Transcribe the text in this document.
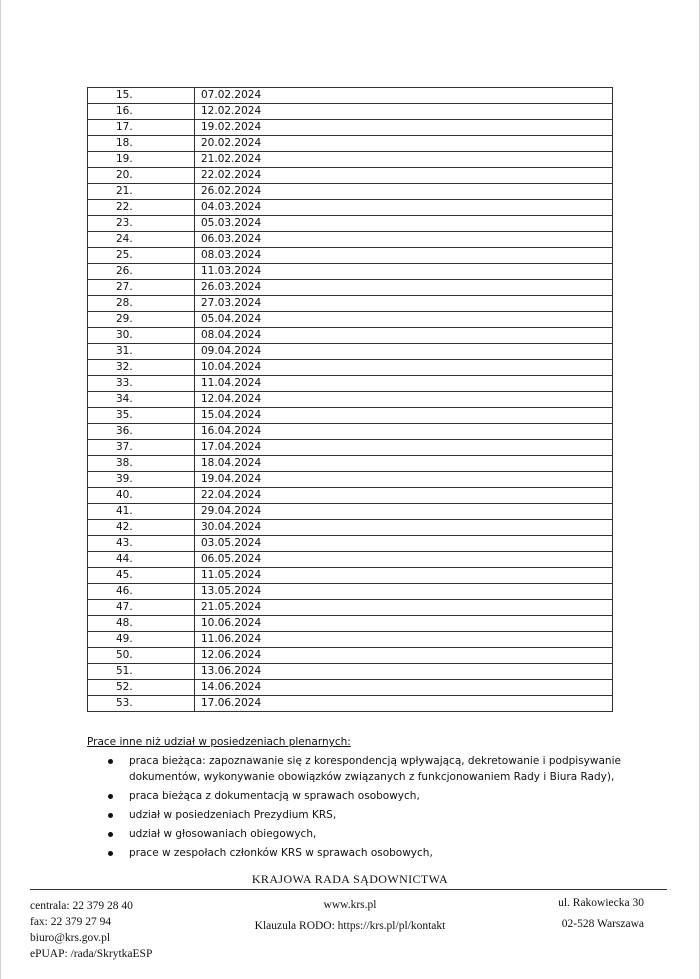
15.	07.02.2024
16.	12.02.2024
17.	19.02.2024
18.	20.02.2024
19.	21.02.2024
20.	22.02.2024
21.	26.02.2024
22.	04.03.2024
23.	05.03.2024
24.	06.03.2024
25.	08.03.2024
26.	11.03.2024
27.	26.03.2024
28.	27.03.2024
29.	05.04.2024
30.	08.04.2024
31.	09.04.2024
32.	10.04.2024
33.	11.04.2024
34.	12.04.2024
35.	15.04.2024
36.	16.04.2024
37.	17.04.2024
38.	18.04.2024
39.	19.04.2024
40.	22.04.2024
41.	29.04.2024
42.	30.04.2024
43.	03.05.2024
44.	06.05.2024
45.	11.05.2024
46.	13.05.2024
47.	21.05.2024
48.	10.06.2024
49.	11.06.2024
50.	12.06.2024
51.	13.06.2024
52.	14.06.2024
53.	17.06.2024
Prace inne niż udział w posiedzeniach plenarnych:
praca bieżąca: zapoznawanie się z korespondencją wpływającą, dekretowanie i podpisywanie dokumentów, wykonywanie obowiązków związanych z funkcjonowaniem Rady i Biura Rady),
praca bieżąca z dokumentacją w sprawach osobowych,
udział w posiedzeniach Prezydium KRS,
udział w głosowaniach obiegowych,
prace w zespołach członków KRS w sprawach osobowych,
KRAJOWA RADA SĄDOWNICTWA
centrala: 22 379 28 40
fax: 22 379 27 94
biuro@krs.gov.pl
ePUAP: /rada/SkrytkaESP
www.krs.pl
Klauzula RODO: https://krs.pl/pl/kontakt
ul. Rakowiecka 30
02-528 Warszawa
